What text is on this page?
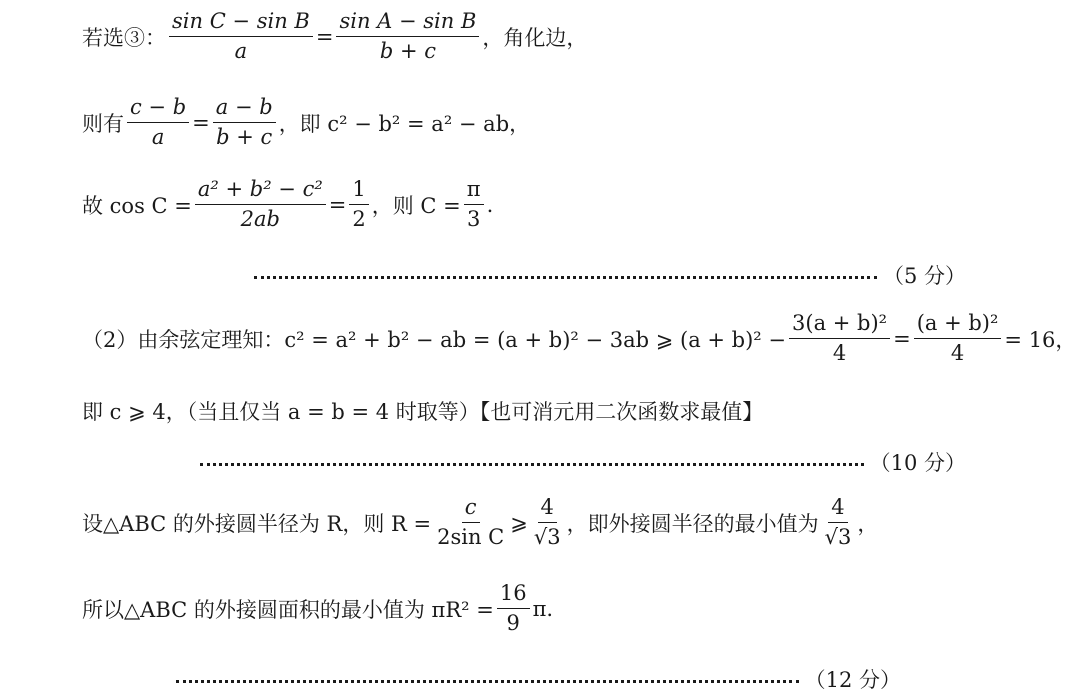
若选③： $\frac{\text{sin C − sin B}}{a} = \frac{\text{sin A − sin B}}{b + c}$ ，角化边，
则有 $\frac{c - b}{a} = \frac{a - b}{b + c}$ ，即 c² − b² = a² − ab，
故 $\cos C = \frac{\text{a² + b² − c²}}{2ab} = \frac{1}{2}$ ，则 $C = \frac{\pi}{3}$ .
（5 分）
（2）由余弦定理知：c² = a² + b² − ab = (a + b)² − 3ab ⩾ $(a + b)^2 - \frac{\text{3(a + b)²}}{4} = \frac{\text{(a + b)²}}{4} = 16$，
即 c ⩾ 4，（当且仅当 a = b = 4 时取等）【也可消元用二次函数求最值】
（10 分）
设△ABC 的外接圆半径为 R，则 $R = \frac{c}{\text{2sin C}}$ ⩾ $\frac{4}{√3}$ ，即外接圆半径的最小值为 $\frac{4}{√3}$ ，
所以△ABC 的外接圆面积的最小值为 $\pi R^2 = \frac{16}{9} \pi$.
（12 分）
